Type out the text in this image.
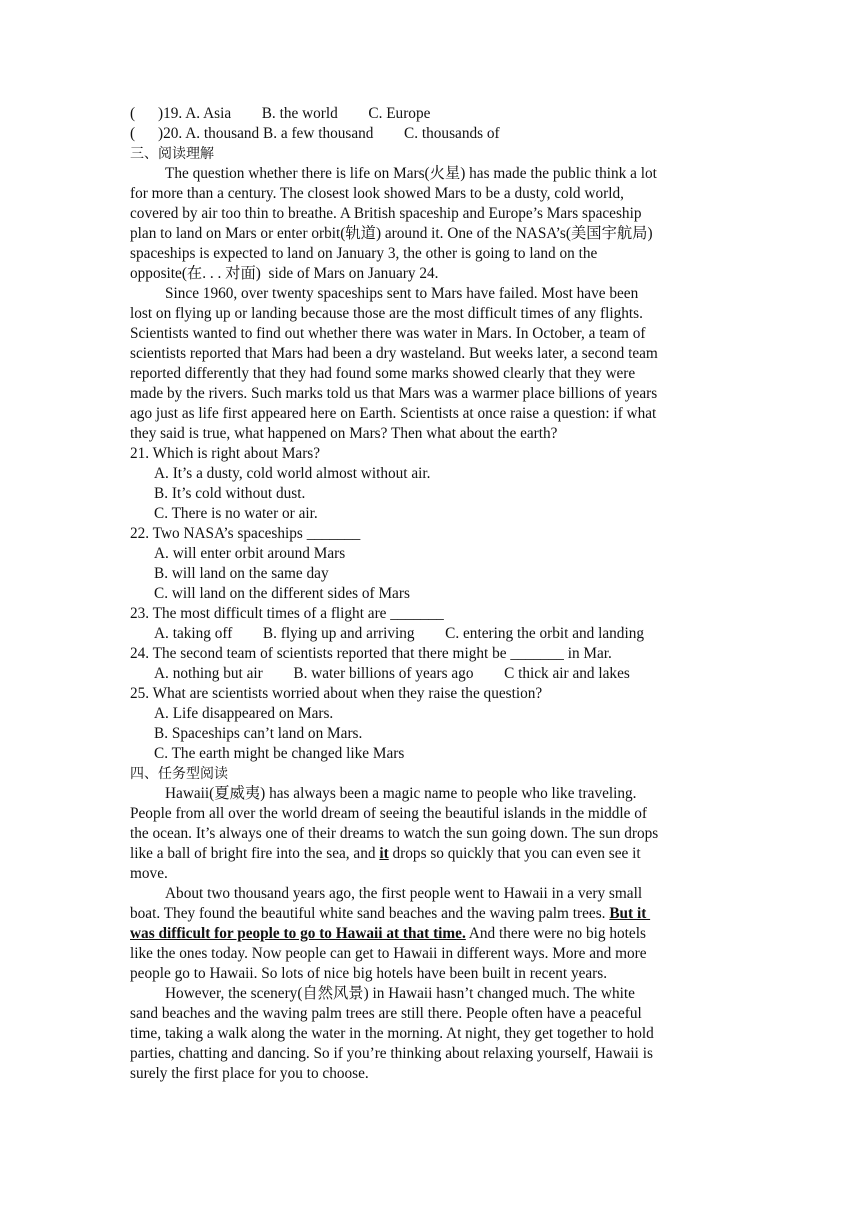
(      )19. A. Asia        B. the world        C. Europe
(      )20. A. thousand B. a few thousand        C. thousands of
三、阅读理解
The question whether there is life on Mars(火星) has made the public think a lot
for more than a century. The closest look showed Mars to be a dusty, cold world,
covered by air too thin to breathe. A British spaceship and Europe’s Mars spaceship
plan to land on Mars or enter orbit(轨道) around it. One of the NASA’s(美国宇航局)
spaceships is expected to land on January 3, the other is going to land on the
opposite(在. . . 对面)  side of Mars on January 24.
Since 1960, over twenty spaceships sent to Mars have failed. Most have been
lost on flying up or landing because those are the most difficult times of any flights.
Scientists wanted to find out whether there was water in Mars. In October, a team of
scientists reported that Mars had been a dry wasteland. But weeks later, a second team
reported differently that they had found some marks showed clearly that they were
made by the rivers. Such marks told us that Mars was a warmer place billions of years
ago just as life first appeared here on Earth. Scientists at once raise a question: if what
they said is true, what happened on Mars? Then what about the earth?
21. Which is right about Mars?
A. It’s a dusty, cold world almost without air.
B. It’s cold without dust.
C. There is no water or air.
22. Two NASA’s spaceships _______
A. will enter orbit around Mars
B. will land on the same day
C. will land on the different sides of Mars
23. The most difficult times of a flight are _______
A. taking off        B. flying up and arriving        C. entering the orbit and landing
24. The second team of scientists reported that there might be _______ in Mar.
A. nothing but air        B. water billions of years ago        C thick air and lakes
25. What are scientists worried about when they raise the question?
A. Life disappeared on Mars.
B. Spaceships can’t land on Mars.
C. The earth might be changed like Mars
四、任务型阅读
Hawaii(夏威夷) has always been a magic name to people who like traveling.
People from all over the world dream of seeing the beautiful islands in the middle of
the ocean. It’s always one of their dreams to watch the sun going down. The sun drops
like a ball of bright fire into the sea, and it drops so quickly that you can even see it
move.
About two thousand years ago, the first people went to Hawaii in a very small
boat. They found the beautiful white sand beaches and the waving palm trees. But it
was difficult for people to go to Hawaii at that time. And there were no big hotels
like the ones today. Now people can get to Hawaii in different ways. More and more
people go to Hawaii. So lots of nice big hotels have been built in recent years.
However, the scenery(自然风景) in Hawaii hasn’t changed much. The white
sand beaches and the waving palm trees are still there. People often have a peaceful
time, taking a walk along the water in the morning. At night, they get together to hold
parties, chatting and dancing. So if you’re thinking about relaxing yourself, Hawaii is
surely the first place for you to choose.
